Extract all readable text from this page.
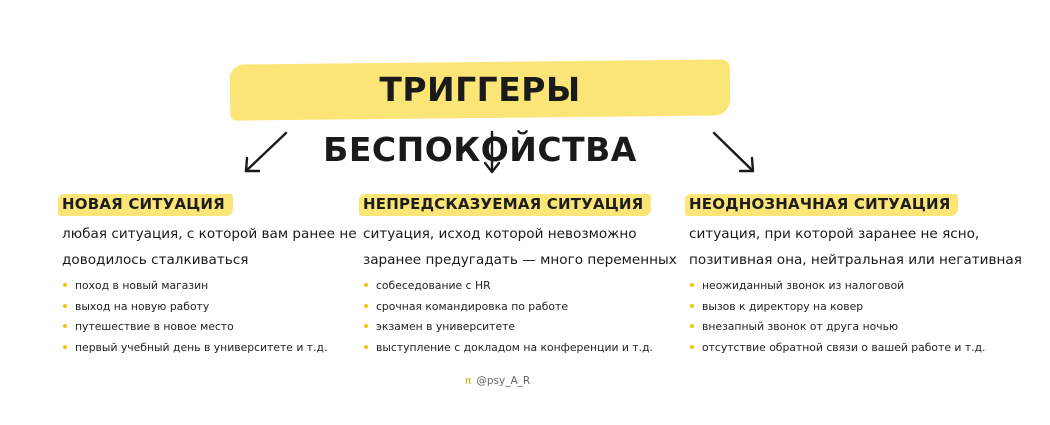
ТРИГГЕРЫ БЕСПОКОЙСТВА
НОВАЯ СИТУАЦИЯ
любая ситуация, с которой вам ранее не
доводилось сталкиваться
поход в новый магазин
выход на новую работу
путешествие в новое место
первый учебный день в университете и т.д.
НЕПРЕДСКАЗУЕМАЯ СИТУАЦИЯ
ситуация, исход которой невозможно
заранее предугадать — много переменных
собеседование с HR
срочная командировка по работе
экзамен в университете
выступление с докладом на конференции и т.д.
НЕОДНОЗНАЧНАЯ СИТУАЦИЯ
ситуация, при которой заранее не ясно,
позитивная она, нейтральная или негативная
неожиданный звонок из налоговой
вызов к директору на ковер
внезапный звонок от друга ночью
отсутствие обратной связи о вашей работе и т.д.
π @psy_A_R
